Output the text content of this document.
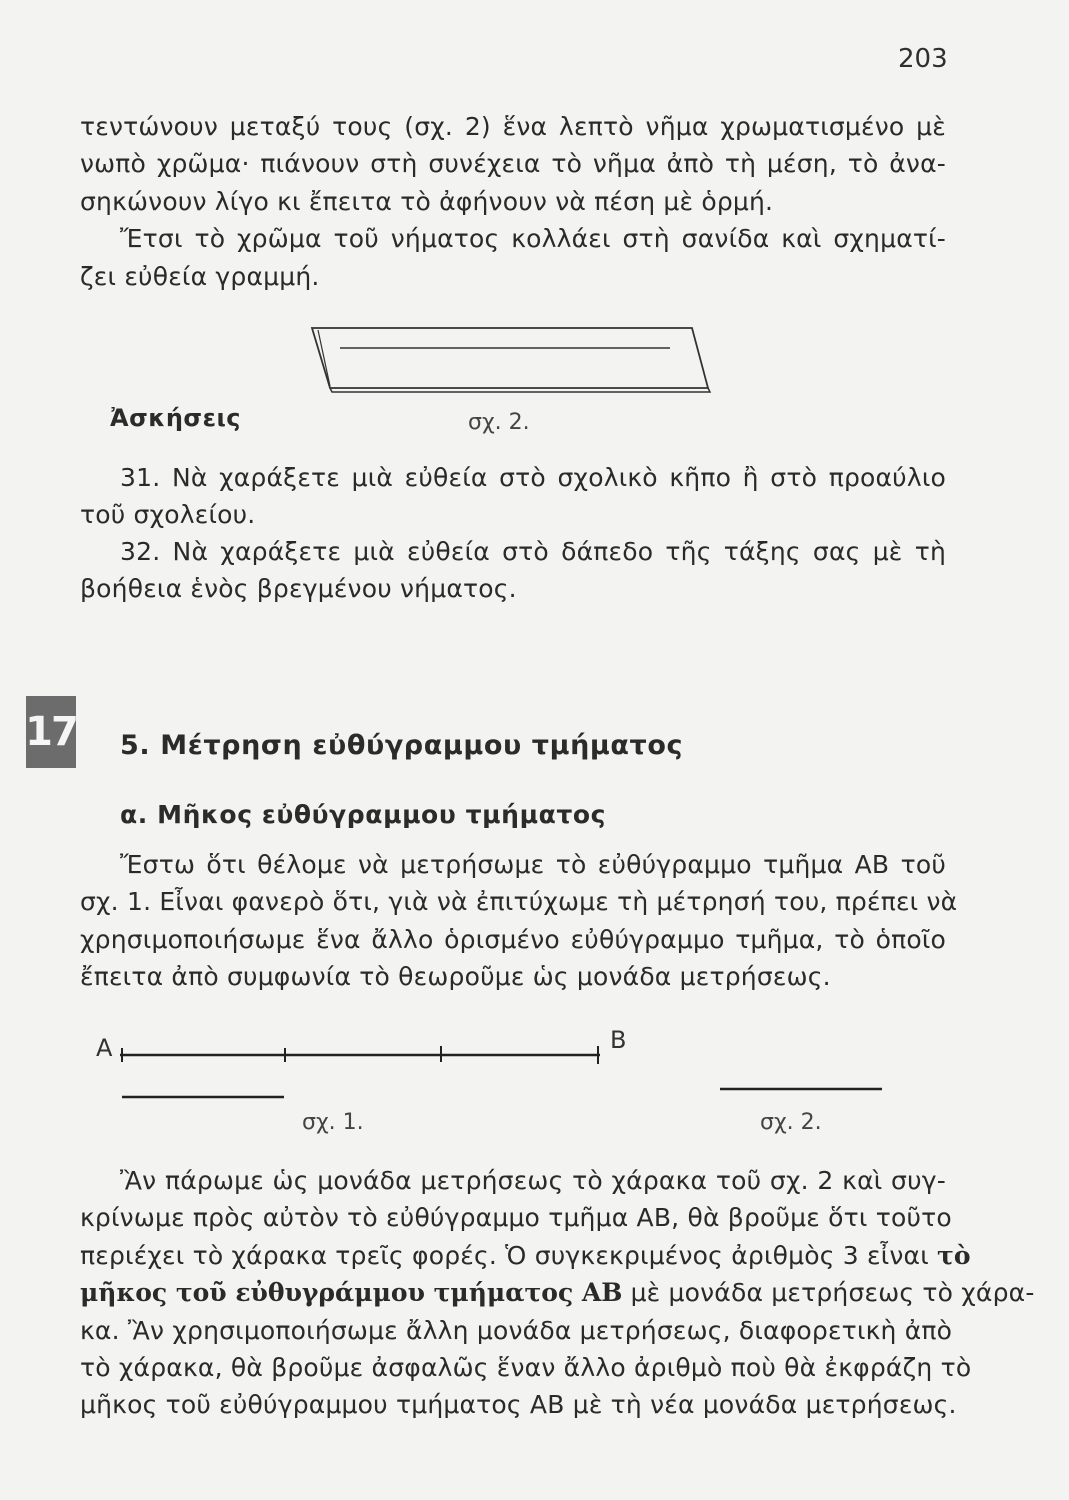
203
τεντώνουν μεταξύ τους (σχ. 2) ἕνα λεπτὸ νῆμα χρωματισμένο μὲ
νωπὸ χρῶμα· πιάνουν στὴ συνέχεια τὸ νῆμα ἀπὸ τὴ μέση, τὸ ἀνα-
σηκώνουν λίγο κι ἔπειτα τὸ ἀφήνουν νὰ πέση μὲ ὁρμή.
Ἔτσι τὸ χρῶμα τοῦ νήματος κολλάει στὴ σανίδα καὶ σχηματί-
ζει εὐθεία γραμμή.
Ἀσκήσεις	σχ. 2.
31. Νὰ χαράξετε μιὰ εὐθεία στὸ σχολικὸ κῆπο ἢ στὸ προαύλιο
τοῦ σχολείου.
32. Νὰ χαράξετε μιὰ εὐθεία στὸ δάπεδο τῆς τάξης σας μὲ τὴ
βοήθεια ἑνὸς βρεγμένου νήματος.
17 5. Μέτρηση εὐθύγραμμου τμήματος
α. Μῆκος εὐθύγραμμου τμήματος
Ἔστω ὅτι θέλομε νὰ μετρήσωμε τὸ εὐθύγραμμο τμῆμα ΑΒ τοῦ
σχ. 1. Εἶναι φανερὸ ὅτι, γιὰ νὰ ἐπιτύχωμε τὴ μέτρησή του, πρέπει νὰ
χρησιμοποιήσωμε ἕνα ἄλλο ὁρισμένο εὐθύγραμμο τμῆμα, τὸ ὁποῖο
ἔπειτα ἀπὸ συμφωνία τὸ θεωροῦμε ὡς μονάδα μετρήσεως.
Α	Β
σχ. 1.	σχ. 2.
Ἂν πάρωμε ὡς μονάδα μετρήσεως τὸ χάρακα τοῦ σχ. 2 καὶ συγ-
κρίνωμε πρὸς αὐτὸν τὸ εὐθύγραμμο τμῆμα ΑΒ, θὰ βροῦμε ὅτι τοῦτο
περιέχει τὸ χάρακα τρεῖς φορές. Ὁ συγκεκριμένος ἀριθμὸς 3 εἶναι τὸ
μῆκος τοῦ εὐθυγράμμου τμήματος ΑΒ μὲ μονάδα μετρήσεως τὸ χάρα-
κα. Ἂν χρησιμοποιήσωμε ἄλλη μονάδα μετρήσεως, διαφορετικὴ ἀπὸ
τὸ χάρακα, θὰ βροῦμε ἀσφαλῶς ἕναν ἄλλο ἀριθμὸ ποὺ θὰ ἐκφράζη τὸ
μῆκος τοῦ εὐθύγραμμου τμήματος ΑΒ μὲ τὴ νέα μονάδα μετρήσεως.
